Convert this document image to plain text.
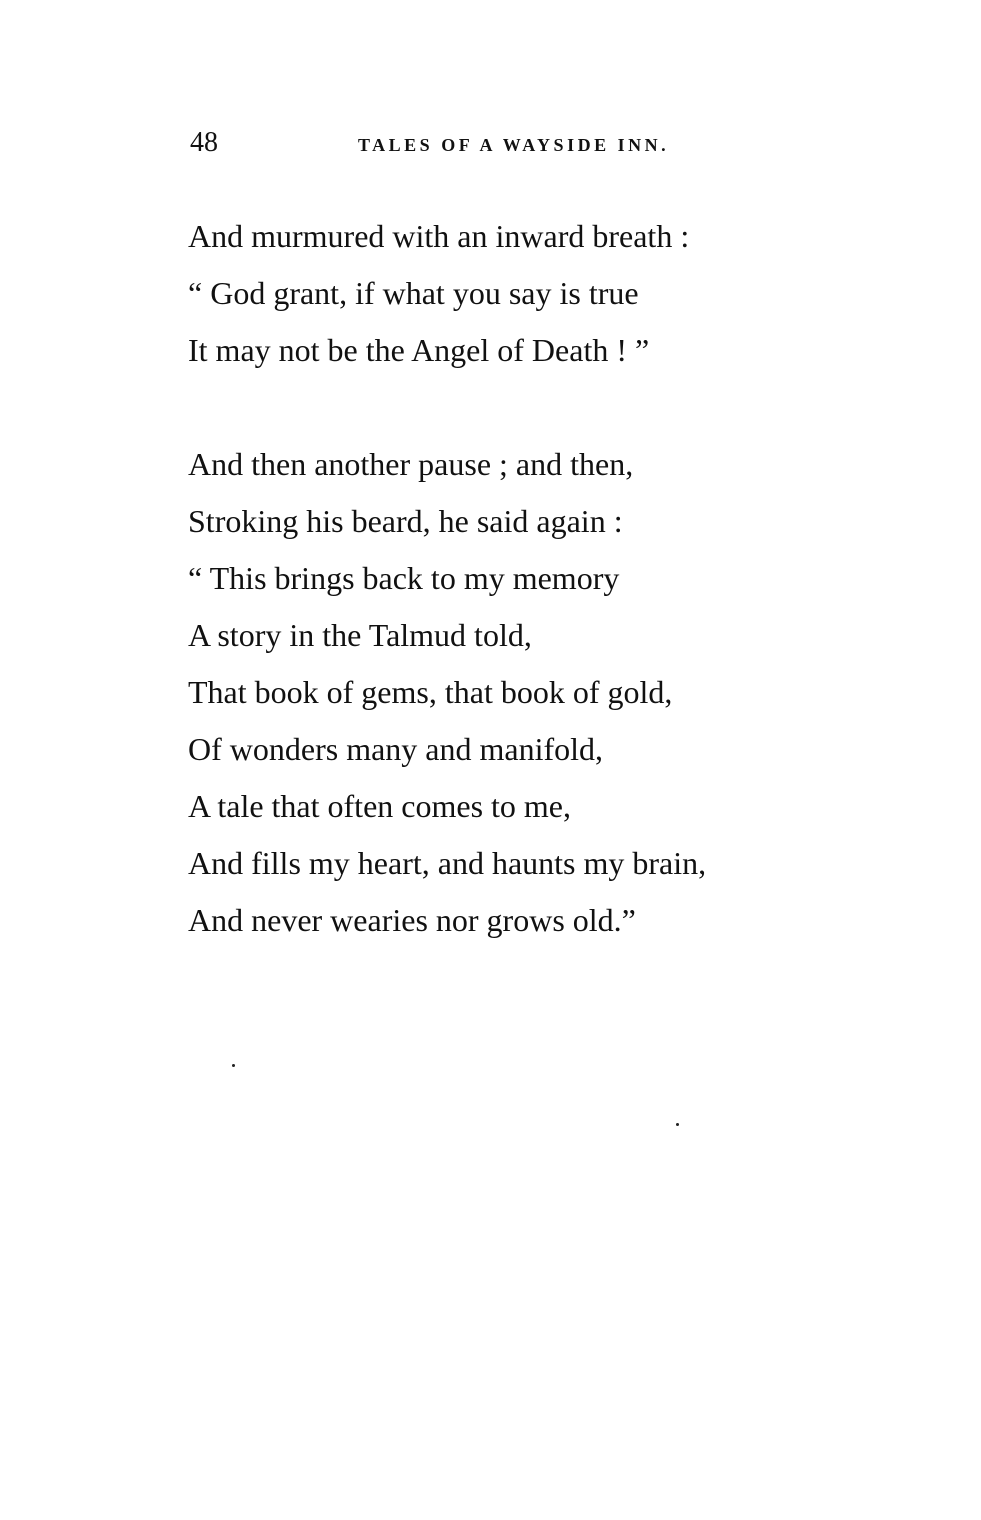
48	TALES OF A WAYSIDE INN.

And murmured with an inward breath :
“ God grant, if what you say is true
It may not be the Angel of Death ! ”

And then another pause ; and then,
Stroking his beard, he said again :
“ This brings back to my memory
A story in the Talmud told,
That book of gems, that book of gold,
Of wonders many and manifold,
A tale that often comes to me,
And fills my heart, and haunts my brain,
And never wearies nor grows old.”
